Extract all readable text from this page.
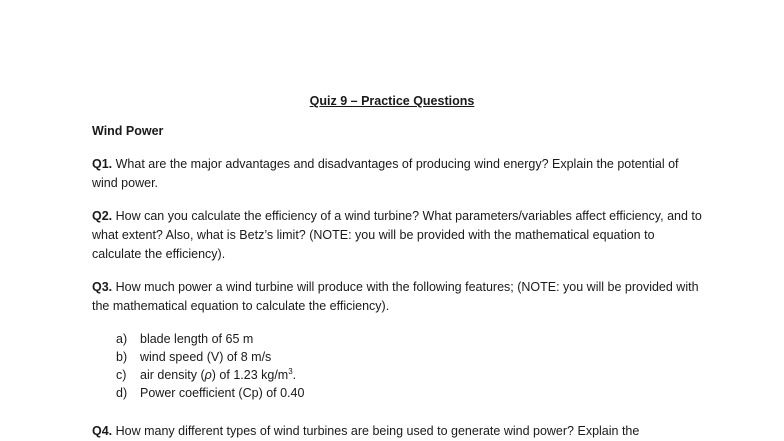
Quiz 9 – Practice Questions
Wind Power
Q1. What are the major advantages and disadvantages of producing wind energy? Explain the potential of wind power.
Q2. How can you calculate the efficiency of a wind turbine? What parameters/variables affect efficiency, and to what extent? Also, what is Betz’s limit? (NOTE: you will be provided with the mathematical equation to calculate the efficiency).
Q3. How much power a wind turbine will produce with the following features; (NOTE: you will be provided with the mathematical equation to calculate the efficiency).
a) blade length of 65 m
b) wind speed (V) of 8 m/s
c) air density (ρ) of 1.23 $kg/m^3$.
d) Power coefficient (Cp) of 0.40
Q4. How many different types of wind turbines are being used to generate wind power? Explain the
